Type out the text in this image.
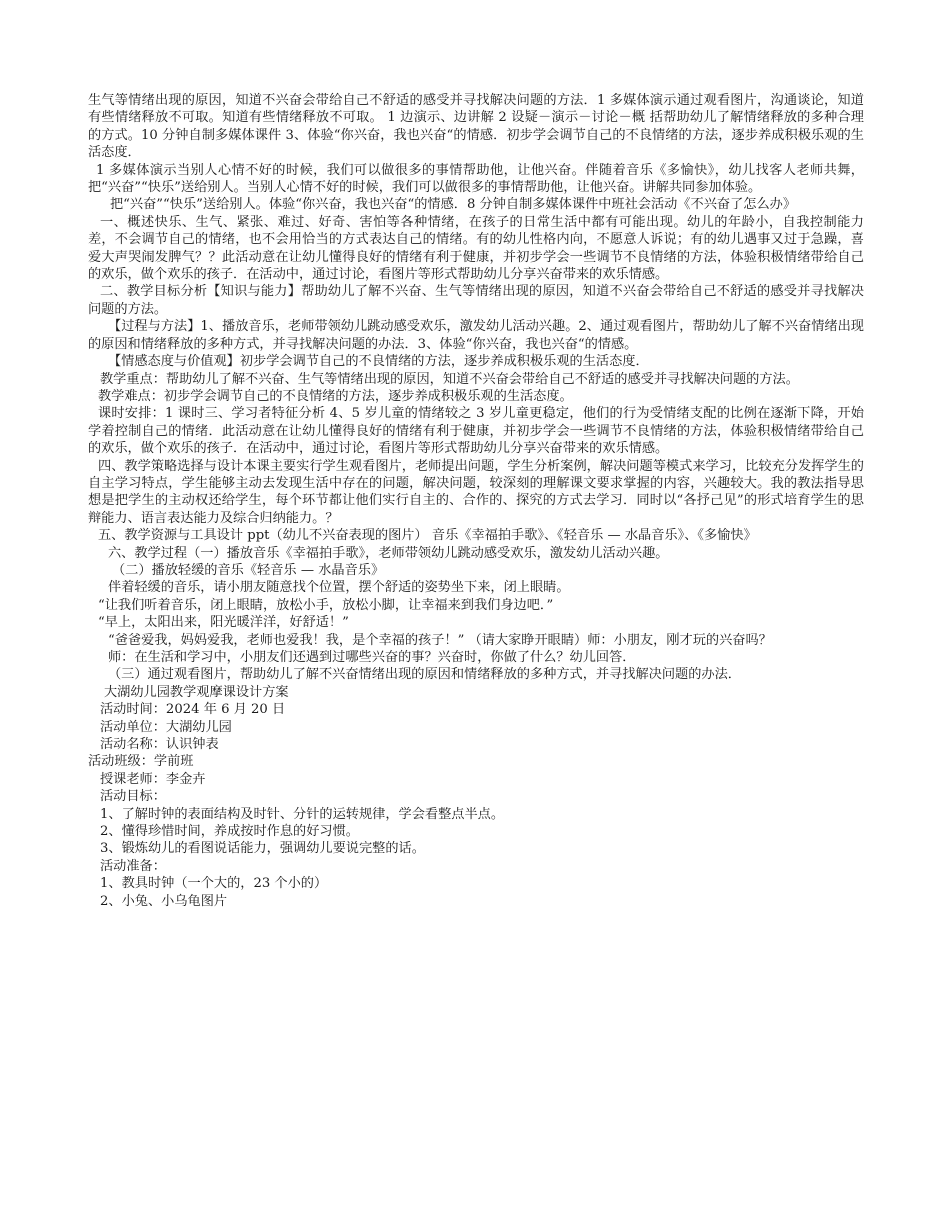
生气等情绪出现的原因，知道不兴奋会带给自己不舒适的感受并寻找解决问题的方法．1 多媒体演示通过观看图片，沟通谈论，知道有些情绪释放不可取。知道有些情绪释放不可取。 1 边演示、边讲解 2 设疑－演示－讨论－概 括帮助幼儿了解情绪释放的多种合理的方式。10 分钟自制多媒体课件 3、体验“你兴奋，我也兴奋“的情感．初步学会调节自己的不良情绪的方法，逐步养成积极乐观的生活态度．

1 多媒体演示当别人心情不好的时候，我们可以做很多的事情帮助他，让他兴奋。伴随着音乐《多愉快》，幼儿找客人老师共舞，把“兴奋”“快乐”送给别人。当别人心情不好的时候，我们可以做很多的事情帮助他，让他兴奋。讲解共同参加体验。

把“兴奋”“快乐”送给别人。体验“你兴奋，我也兴奋“的情感．8 分钟自制多媒体课件中班社会活动《不兴奋了怎么办》

一、概述快乐、生气、紧张、难过、好奇、害怕等各种情绪，在孩子的日常生活中都有可能出现。幼儿的年龄小，自我控制能力差，不会调节自己的情绪，也不会用恰当的方式表达自己的情绪。有的幼儿性格内向，不愿意人诉说；有的幼儿遇事又过于急躁，喜爱大声哭闹发脾气？？此活动意在让幼儿懂得良好的情绪有利于健康，并初步学会一些调节不良情绪的方法，体验积极情绪带给自己的欢乐，做个欢乐的孩子．在活动中，通过讨论，看图片等形式帮助幼儿分享兴奋带来的欢乐情感。

二、教学目标分析【知识与能力】帮助幼儿了解不兴奋、生气等情绪出现的原因，知道不兴奋会带给自己不舒适的感受并寻找解决问题的方法。

【过程与方法】1、播放音乐，老师带领幼儿跳动感受欢乐，激发幼儿活动兴趣。2、通过观看图片，帮助幼儿了解不兴奋情绪出现的原因和情绪释放的多种方式，并寻找解决问题的办法．3、体验“你兴奋，我也兴奋“的情感。

【情感态度与价值观】初步学会调节自己的不良情绪的方法，逐步养成积极乐观的生活态度．

教学重点：帮助幼儿了解不兴奋、生气等情绪出现的原因，知道不兴奋会带给自己不舒适的感受并寻找解决问题的方法。

教学难点：初步学会调节自己的不良情绪的方法，逐步养成积极乐观的生活态度。

课时安排：1 课时三、学习者特征分析 4、5 岁儿童的情绪较之 3 岁儿童更稳定，他们的行为受情绪支配的比例在逐渐下降，开始学着控制自己的情绪．此活动意在让幼儿懂得良好的情绪有利于健康，并初步学会一些调节不良情绪的方法，体验积极情绪带给自己的欢乐，做个欢乐的孩子．在活动中，通过讨论，看图片等形式帮助幼儿分享兴奋带来的欢乐情感。

四、教学策略选择与设计本课主要实行学生观看图片，老师提出问题，学生分析案例，解决问题等模式来学习，比较充分发挥学生的自主学习特点，学生能够主动去发现生活中存在的问题，解决问题，较深刻的理解课文要求掌握的内容，兴趣较大。我的教法指导思想是把学生的主动权还给学生，每个环节都让他们实行自主的、合作的、探究的方式去学习．同时以“各抒己见”的形式培育学生的思辩能力、语言表达能力及综合归纳能力。？

五、教学资源与工具设计 ppt（幼儿不兴奋表现的图片） 音乐《幸福拍手歌》、《轻音乐 — 水晶音乐》、《多愉快》

六、教学过程（一）播放音乐《幸福拍手歌》，老师带领幼儿跳动感受欢乐，激发幼儿活动兴趣。

（二）播放轻缓的音乐《轻音乐 — 水晶音乐》

伴着轻缓的音乐，请小朋友随意找个位置，摆个舒适的姿势坐下来，闭上眼睛。

“让我们听着音乐，闭上眼睛，放松小手，放松小脚，让幸福来到我们身边吧．”

“早上，太阳出来，阳光暖洋洋，好舒适！”

“爸爸爱我，妈妈爱我，老师也爱我！我，是个幸福的孩子！” （请大家睁开眼睛）师：小朋友，刚才玩的兴奋吗？

师：在生活和学习中，小朋友们还遇到过哪些兴奋的事？兴奋时，你做了什么？幼儿回答．

（三）通过观看图片，帮助幼儿了解不兴奋情绪出现的原因和情绪释放的多种方式，并寻找解决问题的办法．

大湖幼儿园教学观摩课设计方案

活动时间：2024 年 6 月 20 日

活动单位：大湖幼儿园

活动名称：认识钟表

活动班级：学前班

授课老师：李金卉

活动目标：

1、了解时钟的表面结构及时针、分针的运转规律，学会看整点半点。

2、懂得珍惜时间，养成按时作息的好习惯。

3、锻炼幼儿的看图说话能力，强调幼儿要说完整的话。

活动准备：

1、教具时钟（一个大的，23 个小的）

2、小兔、小乌龟图片
